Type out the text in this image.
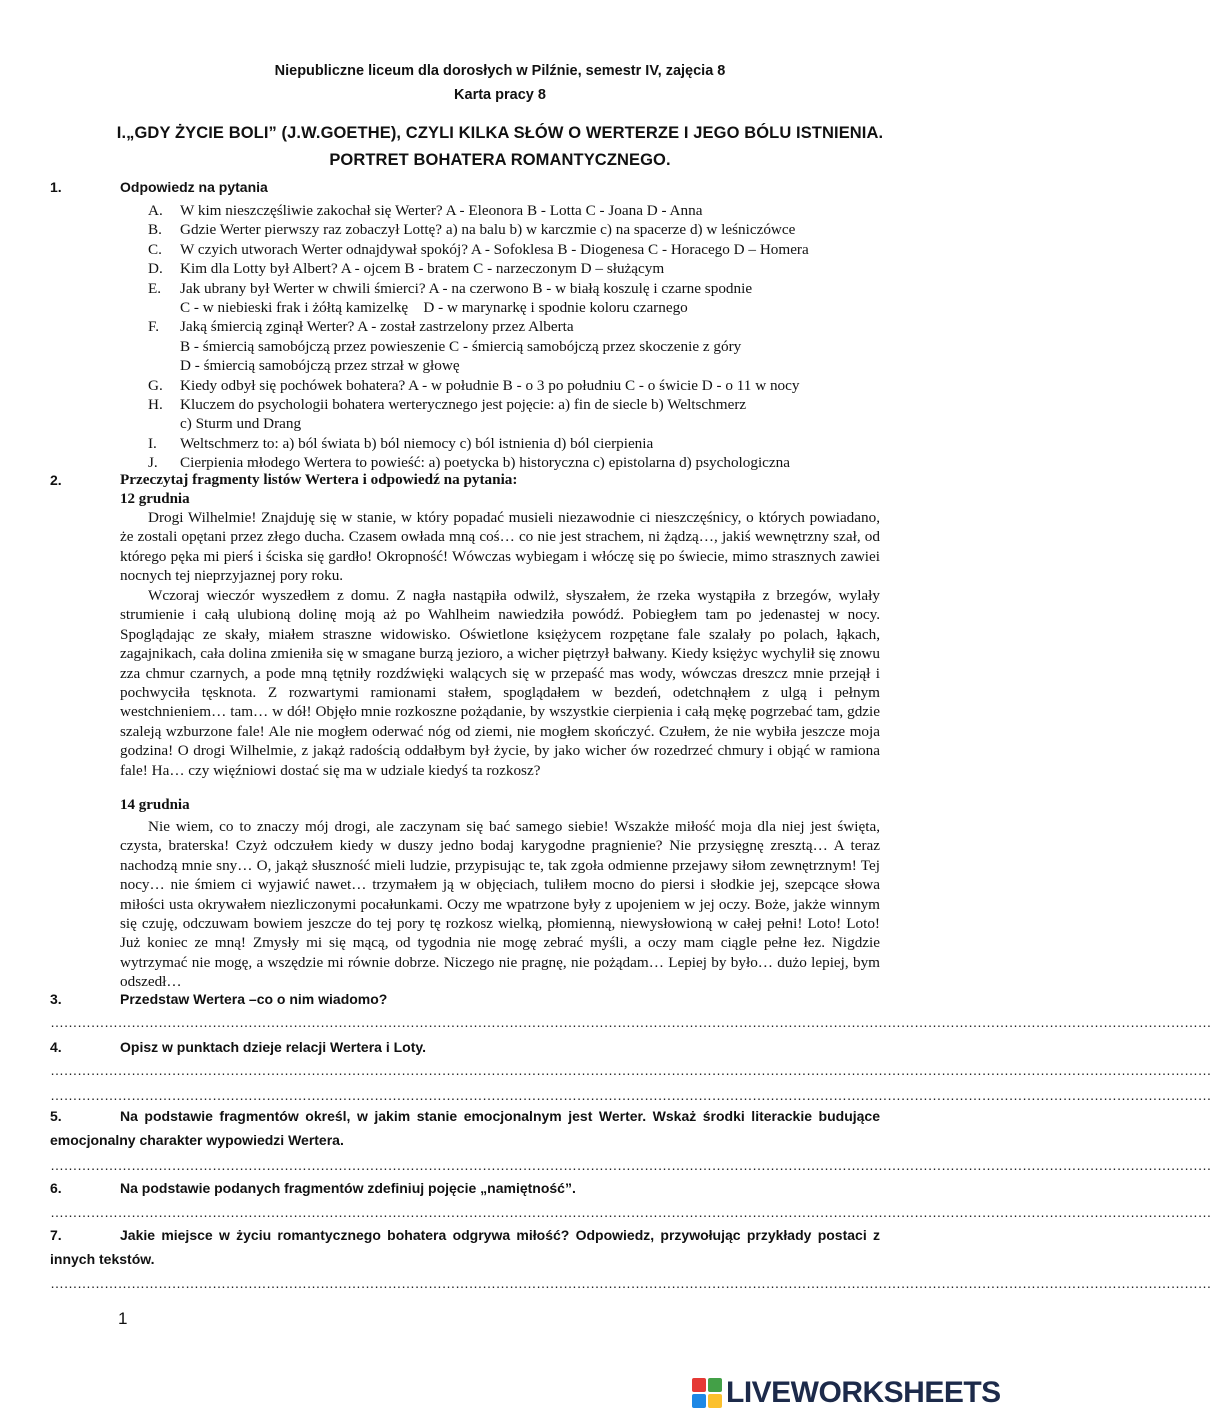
Niepubliczne liceum dla dorosłych w Pilźnie, semestr IV, zajęcia 8
Karta pracy 8
I.„GDY ŻYCIE BOLI” (J.W.GOETHE), CZYLI KILKA SŁÓW O WERTERZE I JEGO BÓLU ISTNIENIA.
PORTRET BOHATERA ROMANTYCZNEGO.
1.	Odpowiedz na pytania
A.	W kim nieszczęśliwie zakochał się Werter? A - Eleonora B - Lotta C - Joana D - Anna
B.	Gdzie Werter pierwszy raz zobaczył Lottę? a) na balu b) w karczmie c) na spacerze d) w leśniczówce
C.	W czyich utworach Werter odnajdywał spokój? A - Sofoklesa B - Diogenesa C - Horacego D – Homera
D.	Kim dla Lotty był Albert? A - ojcem B - bratem C - narzeczonym D – służącym
E.	Jak ubrany był Werter w chwili śmierci? A - na czerwono B - w białą koszulę i czarne spodnie
C - w niebieski frak i żółtą kamizelkę    D - w marynarkę i spodnie koloru czarnego
F.	Jaką śmiercią zginął Werter? A - został zastrzelony przez Alberta
B - śmiercią samobójczą przez powieszenie C - śmiercią samobójczą przez skoczenie z góry
D - śmiercią samobójczą przez strzał w głowę
G.	Kiedy odbył się pochówek bohatera? A - w południe B - o 3 po południu C - o świcie D - o 11 w nocy
H.	Kluczem do psychologii bohatera werterycznego jest pojęcie: a) fin de siecle b) Weltschmerz
c) Sturm und Drang
I.	Weltschmerz to: a) ból świata b) ból niemocy c) ból istnienia d) ból cierpienia
J.	Cierpienia młodego Wertera to powieść: a) poetycka b) historyczna c) epistolarna d) psychologiczna
2.	Przeczytaj fragmenty listów Wertera i odpowiedź na pytania:
12 grudnia

Drogi Wilhelmie! Znajduję się w stanie, w który popadać musieli niezawodnie ci nieszczęśnicy, o których powiadano, że zostali opętani przez złego ducha. Czasem owłada mną coś… co nie jest strachem, ni żądzą…, jakiś wewnętrzny szał, od którego pęka mi pierś i ściska się gardło! Okropność! Wówczas wybiegam i włóczę się po świecie, mimo strasznych zawiei nocnych tej nieprzyjaznej pory roku.

Wczoraj wieczór wyszedłem z domu. Z nagła nastąpiła odwilż, słyszałem, że rzeka wystąpiła z brzegów, wylały strumienie i całą ulubioną dolinę moją aż po Wahlheim nawiedziła powódź. Pobiegłem tam po jedenastej w nocy. Spoglądając ze skały, miałem straszne widowisko. Oświetlone księżycem rozpętane fale szalały po polach, łąkach, zagajnikach, cała dolina zmieniła się w smagane burzą jezioro, a wicher piętrzył bałwany. Kiedy księżyc wychylił się znowu zza chmur czarnych, a pode mną tętniły rozdźwięki walących się w przepaść mas wody, wówczas dreszcz mnie przejął i pochwyciła tęsknota. Z rozwartymi ramionami stałem, spoglądałem w bezdeń, odetchnąłem z ulgą i pełnym westchnieniem… tam… w dół! Objęło mnie rozkoszne pożądanie, by wszystkie cierpienia i całą mękę pogrzebać tam, gdzie szaleją wzburzone fale! Ale nie mogłem oderwać nóg od ziemi, nie mogłem skończyć. Czułem, że nie wybiła jeszcze moja godzina! O drogi Wilhelmie, z jakąż radością oddałbym był życie, by jako wicher ów rozedrzeć chmury i objąć w ramiona fale! Ha… czy więźniowi dostać się ma w udziale kiedyś ta rozkosz?

14 grudnia

Nie wiem, co to znaczy mój drogi, ale zaczynam się bać samego siebie! Wszakże miłość moja dla niej jest święta, czysta, braterska! Czyż odczułem kiedy w duszy jedno bodaj karygodne pragnienie? Nie przysięgnę zresztą… A teraz nachodzą mnie sny… O, jakąż słuszność mieli ludzie, przypisując te, tak zgoła odmienne przejawy siłom zewnętrznym! Tej nocy… nie śmiem ci wyjawić nawet… trzymałem ją w objęciach, tuliłem mocno do piersi i słodkie jej, szepcące słowa miłości usta okrywałem niezliczonymi pocałunkami. Oczy me wpatrzone były z upojeniem w jej oczy. Boże, jakże winnym się czuję, odczuwam bowiem jeszcze do tej pory tę rozkosz wielką, płomienną, niewysłowioną w całej pełni! Loto! Loto! Już koniec ze mną! Zmysły mi się mącą, od tygodnia nie mogę zebrać myśli, a oczy mam ciągle pełne łez. Nigdzie wytrzymać nie mogę, a wszędzie mi równie dobrze. Niczego nie pragnę, nie pożądam… Lepiej by było… dużo lepiej, bym odszedł…

3.	Przedstaw Wertera –co o nim wiadomo?
……………………………………………………………………………………………………………………………………………………………………………………………………………………………………
4.	Opisz w punktach dzieje relacji Wertera i Loty.
……………………………………………………………………………………………………………………………………………………………………………………………………………………………………
……………………………………………………………………………………………………………………………………………………………………………………………………………………………………
5.	Na podstawie fragmentów określ, w jakim stanie emocjonalnym jest Werter. Wskaż środki literackie budujące emocjonalny charakter wypowiedzi Wertera.
……………………………………………………………………………………………………………………………………………………………………………………………………………………………………
6.	Na podstawie podanych fragmentów zdefiniuj pojęcie „namiętność”.
……………………………………………………………………………………………………………………………………………………………………………………………………………………………………
7.	Jakie miejsce w życiu romantycznego bohatera odgrywa miłość? Odpowiedz, przywołując przykłady postaci z innych tekstów.
……………………………………………………………………………………………………………………………………………………………………………………………………………………………………
1
LIVEWORKSHEETS
